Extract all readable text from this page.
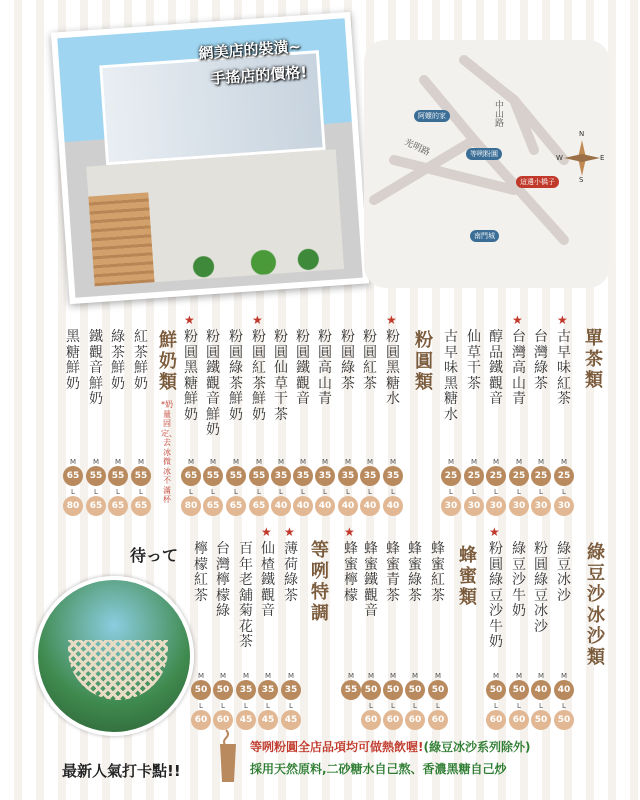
網美店的裝潢~
手搖店的價格!
阿嬤的家
等咧粉圓
這邊小橋子
南門城
中山路
光明路
N
E
S
W
單茶類
粉圓類
鮮奶類
*奶量固定、去冰微冰不滿杯
綠豆沙冰沙類
蜂蜜類
等咧特調
★
古早味紅茶
M
25
L
30
台灣綠茶
M
25
L
30
★
台灣高山青
M
25
L
30
醇品鐵觀音
M
25
L
30
仙草干茶
M
25
L
30
古早味黑糖水
M
25
L
30
★
粉圓黑糖水
M
35
L
40
粉圓紅茶
M
35
L
40
粉圓綠茶
M
35
L
40
粉圓高山青
M
35
L
40
粉圓鐵觀音
M
35
L
40
粉圓仙草干茶
M
35
L
40
★
粉圓紅茶鮮奶
M
55
L
65
粉圓綠茶鮮奶
M
55
L
65
粉圓鐵觀音鮮奶
M
55
L
65
★
粉圓黑糖鮮奶
M
65
L
80
紅茶鮮奶
M
55
L
65
綠茶鮮奶
M
55
L
65
鐵觀音鮮奶
M
55
L
65
黑糖鮮奶
M
65
L
80
綠豆冰沙
M
40
L
50
粉圓綠豆冰沙
M
40
L
50
綠豆沙牛奶
M
50
L
60
★
粉圓綠豆沙牛奶
M
50
L
60
蜂蜜紅茶
M
50
L
60
蜂蜜綠茶
M
50
L
60
蜂蜜青茶
M
50
L
60
蜂蜜鐵觀音
M
50
L
60
★
蜂蜜檸檬
M
55
★
薄荷綠茶
M
35
L
45
★
仙楂鐵觀音
M
35
L
45
百年老舖菊花茶
M
35
L
45
台灣檸檬綠
M
50
L
60
檸檬紅茶
M
50
L
60
待って
最新人氣打卡點!!
等咧粉圓全店品項均可做熱飲喔!(綠豆冰沙系列除外)
採用天然原料,二砂糖水自己熬、香濃黑糖自己炒
